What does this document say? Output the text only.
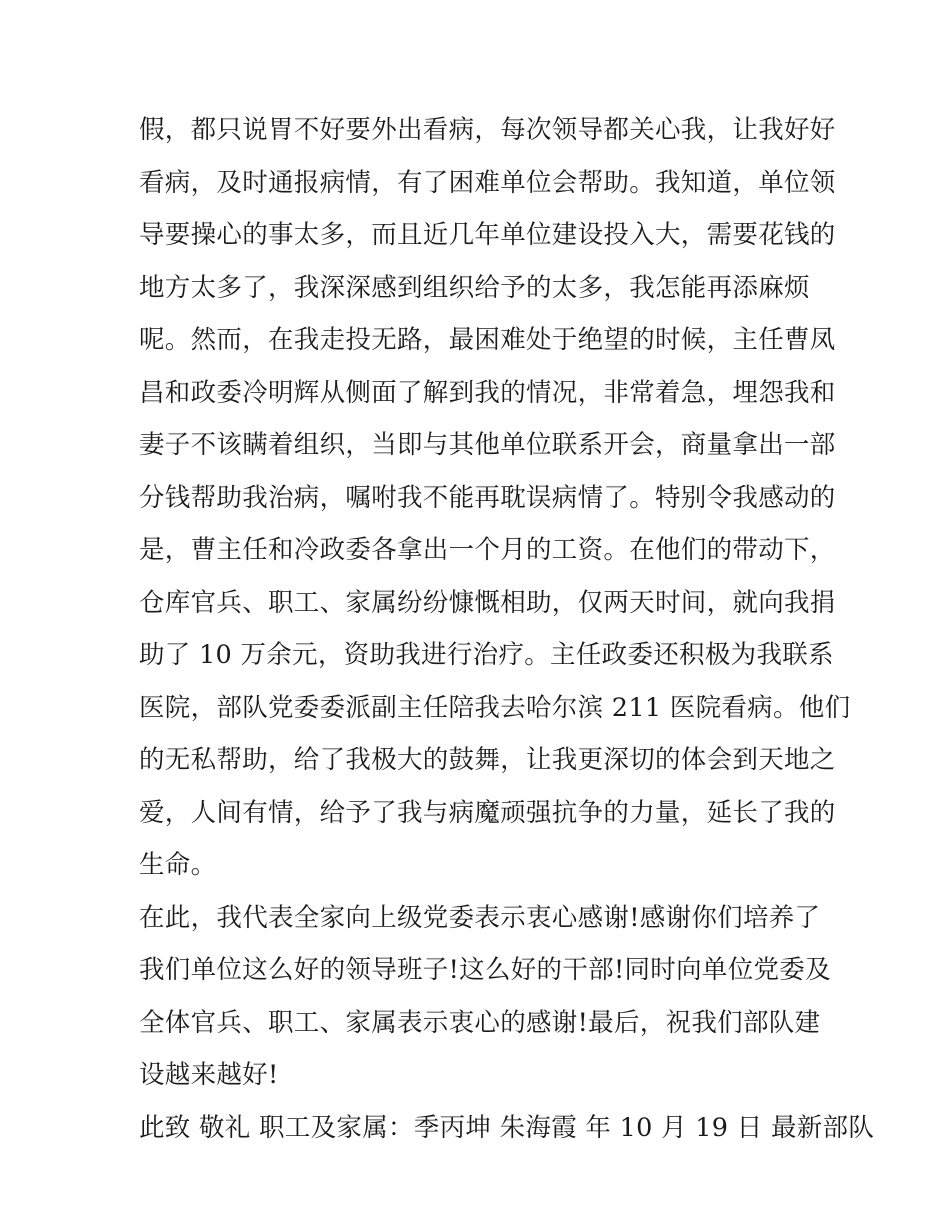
假，都只说胃不好要外出看病，每次领导都关心我，让我好好
看病，及时通报病情，有了困难单位会帮助。我知道，单位领
导要操心的事太多，而且近几年单位建设投入大，需要花钱的
地方太多了，我深深感到组织给予的太多，我怎能再添麻烦
呢。然而，在我走投无路，最困难处于绝望的时候，主任曹凤
昌和政委冷明辉从侧面了解到我的情况，非常着急，埋怨我和
妻子不该瞒着组织，当即与其他单位联系开会，商量拿出一部
分钱帮助我治病，嘱咐我不能再耽误病情了。特别令我感动的
是，曹主任和冷政委各拿出一个月的工资。在他们的带动下，
仓库官兵、职工、家属纷纷慷慨相助，仅两天时间，就向我捐
助了 10 万余元，资助我进行治疗。主任政委还积极为我联系
医院，部队党委委派副主任陪我去哈尔滨 211 医院看病。他们
的无私帮助，给了我极大的鼓舞，让我更深切的体会到天地之
爱，人间有情，给予了我与病魔顽强抗争的力量，延长了我的
生命。
在此，我代表全家向上级党委表示衷心感谢!感谢你们培养了
我们单位这么好的领导班子!这么好的干部!同时向单位党委及
全体官兵、职工、家属表示衷心的感谢!最后，祝我们部队建
设越来越好!
此致 敬礼 职工及家属：季丙坤 朱海霞 年 10 月 19 日 最新部队
